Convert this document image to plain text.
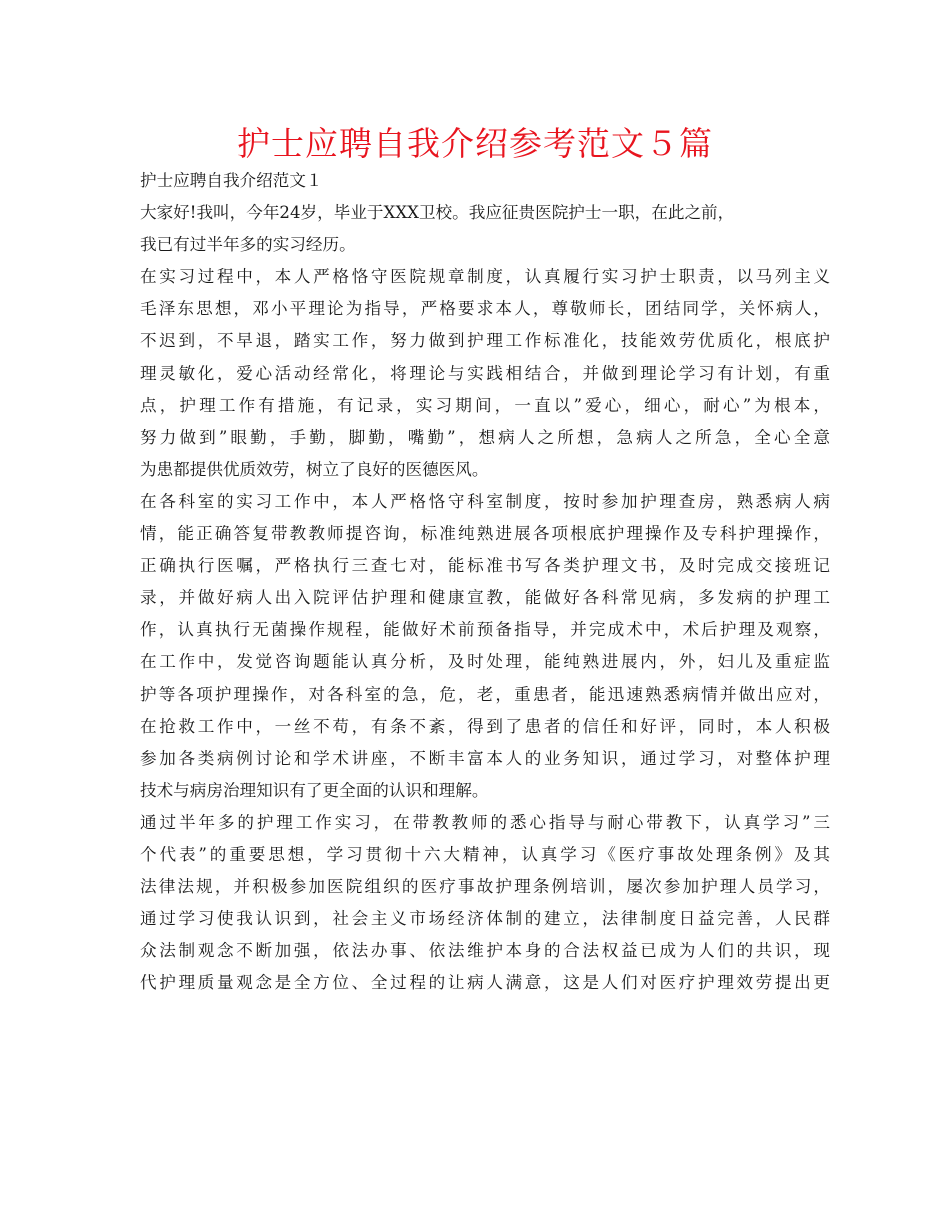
护士应聘自我介绍参考范文５篇
护士应聘自我介绍范文１
大家好!我叫，今年24岁，毕业于XXX卫校。我应征贵医院护士一职，在此之前，
我已有过半年多的实习经历。
在实习过程中，本人严格恪守医院规章制度，认真履行实习护士职责，以马列主义
毛泽东思想，邓小平理论为指导，严格要求本人，尊敬师长，团结同学，关怀病人，
不迟到，不早退，踏实工作，努力做到护理工作标准化，技能效劳优质化，根底护
理灵敏化，爱心活动经常化，将理论与实践相结合，并做到理论学习有计划，有重
点，护理工作有措施，有记录，实习期间，一直以”爱心，细心，耐心”为根本，
努力做到”眼勤，手勤，脚勤，嘴勤”，想病人之所想，急病人之所急，全心全意
为患都提供优质效劳，树立了良好的医德医风。
在各科室的实习工作中，本人严格恪守科室制度，按时参加护理查房，熟悉病人病
情，能正确答复带教教师提咨询，标准纯熟进展各项根底护理操作及专科护理操作，
正确执行医嘱，严格执行三查七对，能标准书写各类护理文书，及时完成交接班记
录，并做好病人出入院评估护理和健康宣教，能做好各科常见病，多发病的护理工
作，认真执行无菌操作规程，能做好术前预备指导，并完成术中，术后护理及观察，
在工作中，发觉咨询题能认真分析，及时处理，能纯熟进展内，外，妇儿及重症监
护等各项护理操作，对各科室的急，危，老，重患者，能迅速熟悉病情并做出应对，
在抢救工作中，一丝不苟，有条不紊，得到了患者的信任和好评，同时，本人积极
参加各类病例讨论和学术讲座，不断丰富本人的业务知识，通过学习，对整体护理
技术与病房治理知识有了更全面的认识和理解。
通过半年多的护理工作实习，在带教教师的悉心指导与耐心带教下，认真学习”三
个代表”的重要思想，学习贯彻十六大精神，认真学习《医疗事故处理条例》及其
法律法规，并积极参加医院组织的医疗事故护理条例培训，屡次参加护理人员学习，
通过学习使我认识到，社会主义市场经济体制的建立，法律制度日益完善，人民群
众法制观念不断加强，依法办事、依法维护本身的合法权益已成为人们的共识，现
代护理质量观念是全方位、全过程的让病人满意，这是人们对医疗护理效劳提出更
